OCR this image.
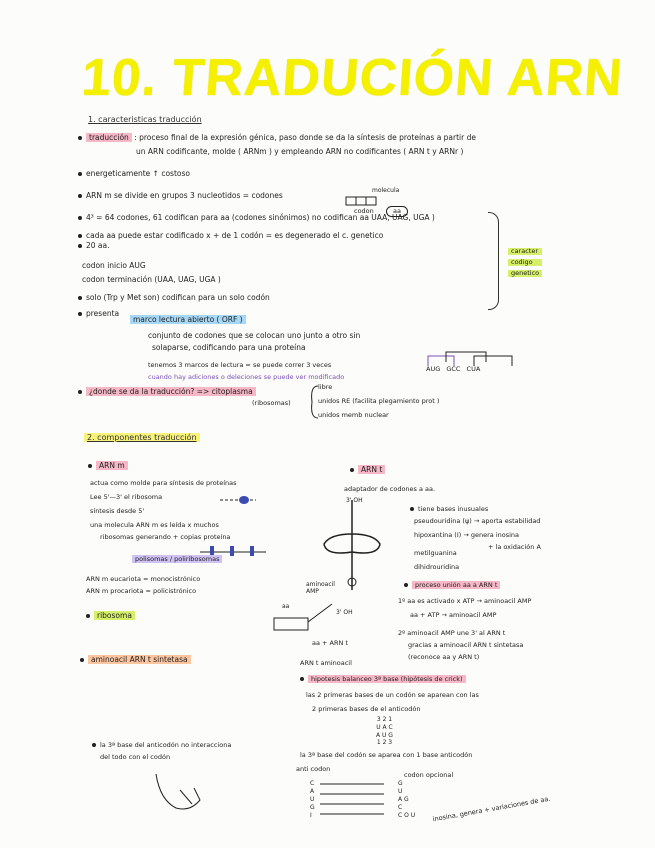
10. TRADUCIÓN ARN
1. caracteristicas traducción
traducción : proceso final de la expresión génica, paso donde se da la síntesis de proteínas a partir de
un ARN codificante, molde ( ARNm ) y empleando ARN no codificantes ( ARN t y ARNr )
energeticamente ↑ costoso
ARN m se divide en grupos 3 nucleotidos = codones
molecula
codon	aa
4³ = 64 codones, 61 codifican para aa (codones sinónimos) no codifican aa UAA, UAG, UGA )
cada aa puede estar codificado x + de 1 codón = es degenerado el c. genetico
20 aa.
codon inicio AUG
codon terminación (UAA, UAG, UGA )
solo (Trp y Met son) codifican para un solo codón
presenta
marco lectura abierto ( ORF )
conjunto de codones que se colocan uno junto a otro sin
solaparse, codificando para una proteína
tenemos 3 marcos de lectura = se puede correr 3 veces
cuando hay adiciones o deleciones se puede ver modificado
¿donde se da la traducción? => citoplasma
(ribosomas)
libre
unidos RE (facilita plegamiento prot )
unidos memb nuclear
AUG GCC CUA
caracter
codigo
genetico
2. componentes traducción
ARN m
actua como molde para síntesis de proteínas
Lee 5'—3' el ribosoma
síntesis desde 5'
una molecula ARN m es leída x muchos
ribosomas generando + copias proteína
polisomas / poliribosomas
ARN m eucariota = monocistrónico
ARN m procariota = policistrónico
ribosoma
aminoacil ARN t sintetasa
la 3ª base del anticodón no interacciona
del todo con el codón
3' OH
aminoacil AMP
aa
3' OH
aa + ARN t
ARN t aminoacil
ARN t
adaptador de codones a aa.
tiene bases inusuales
pseudouridina (ψ) → aporta estabilidad
hipoxantina (I) → genera inosina
+ la oxidación A
metilguanina
dihidrouridina
proceso unión aa a ARN t
1º aa es activado x ATP → aminoacil AMP
aa + ATP → aminoacil AMP
2º aminoacil AMP une 3' al ARN t
gracias a aminoacil ARN t sintetasa
(reconoce aa y ARN t)
hipotesis balanceo 3ª base (hipótesis de crick)
las 2 primeras bases de un codón se aparean con las
2 primeras bases de el anticodón
3 2 1
U A C
A U G
1 2 3
la 3ª base del codón se aparea con 1 base anticodón
anti codon
codon opcional
C
A
U
G
I
G
U
A G
C
C O U	inosina, genera + variaciones de aa.
